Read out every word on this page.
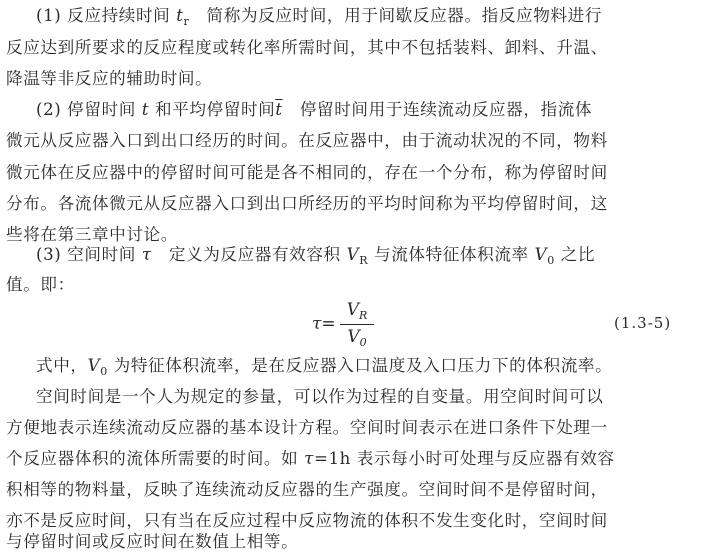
(1) 反应持续时间 $t_r$　简称为反应时间，用于间歇反应器。指反应物料进行
反应达到所要求的反应程度或转化率所需时间，其中不包括装料、卸料、升温、
降温等非反应的辅助时间。
(2) 停留时间 t 和平均停留时间$\overline{t}$　停留时间用于连续流动反应器，指流体
微元从反应器入口到出口经历的时间。在反应器中，由于流动状况的不同，物料
微元体在反应器中的停留时间可能是各不相同的，存在一个分布，称为停留时间
分布。各流体微元从反应器入口到出口所经历的平均时间称为平均停留时间，这
些将在第三章中讨论。
(3) 空间时间 τ　定义为反应器有效容积 $V_R$ 与流体特征体积流率 $V_0$ 之比
值。即：
τ=
$V_R$
$V_0$
(1.3-5)
式中，$V_0$ 为特征体积流率，是在反应器入口温度及入口压力下的体积流率。
空间时间是一个人为规定的参量，可以作为过程的自变量。用空间时间可以
方便地表示连续流动反应器的基本设计方程。空间时间表示在进口条件下处理一
个反应器体积的流体所需要的时间。如 τ=1h 表示每小时可处理与反应器有效容
积相等的物料量，反映了连续流动反应器的生产强度。空间时间不是停留时间，
亦不是反应时间，只有当在反应过程中反应物流的体积不发生变化时，空间时间
与停留时间或反应时间在数值上相等。
